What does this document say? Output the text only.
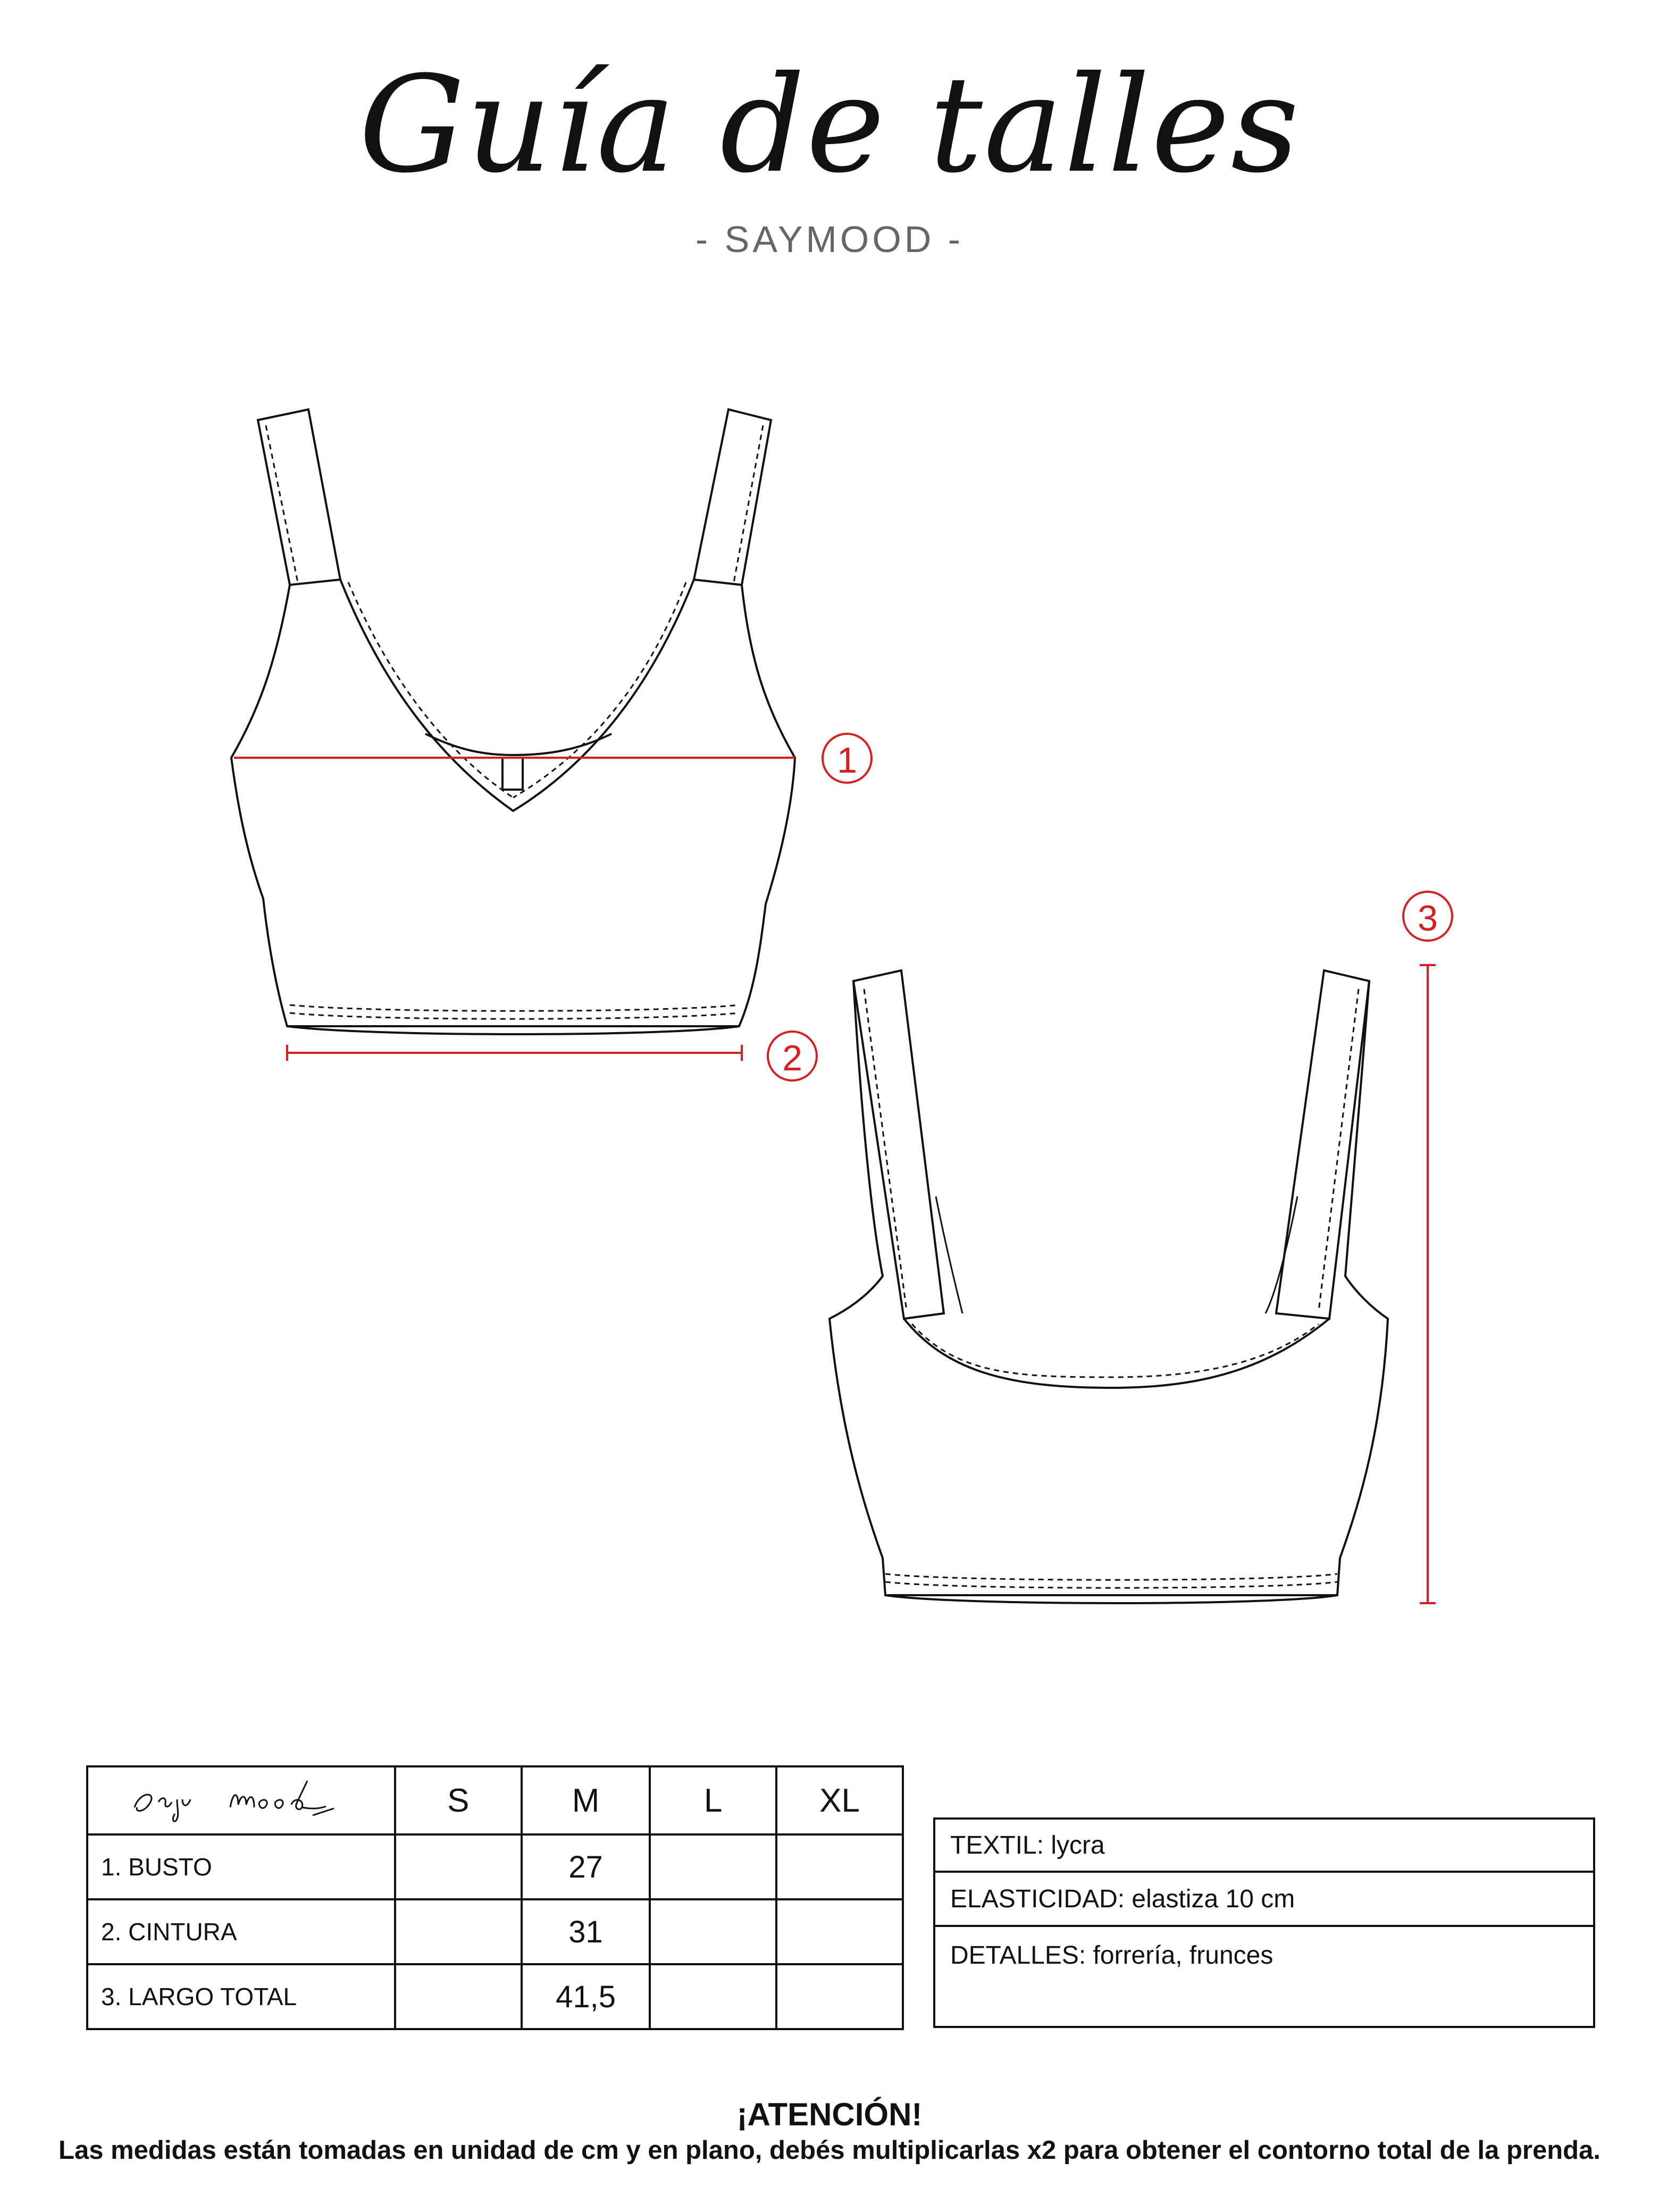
Guía de talles
- SAYMOOD -
1
2
3
	S	M	L	XL
1. BUSTO		27		
2. CINTURA		31		
3. LARGO TOTAL		41,5		
TEXTIL: lycra
ELASTICIDAD: elastiza 10 cm
DETALLES: forrería, frunces
¡ATENCIÓN!
Las medidas están tomadas en unidad de cm y en plano, debés multiplicarlas x2 para obtener el contorno total de la prenda.
